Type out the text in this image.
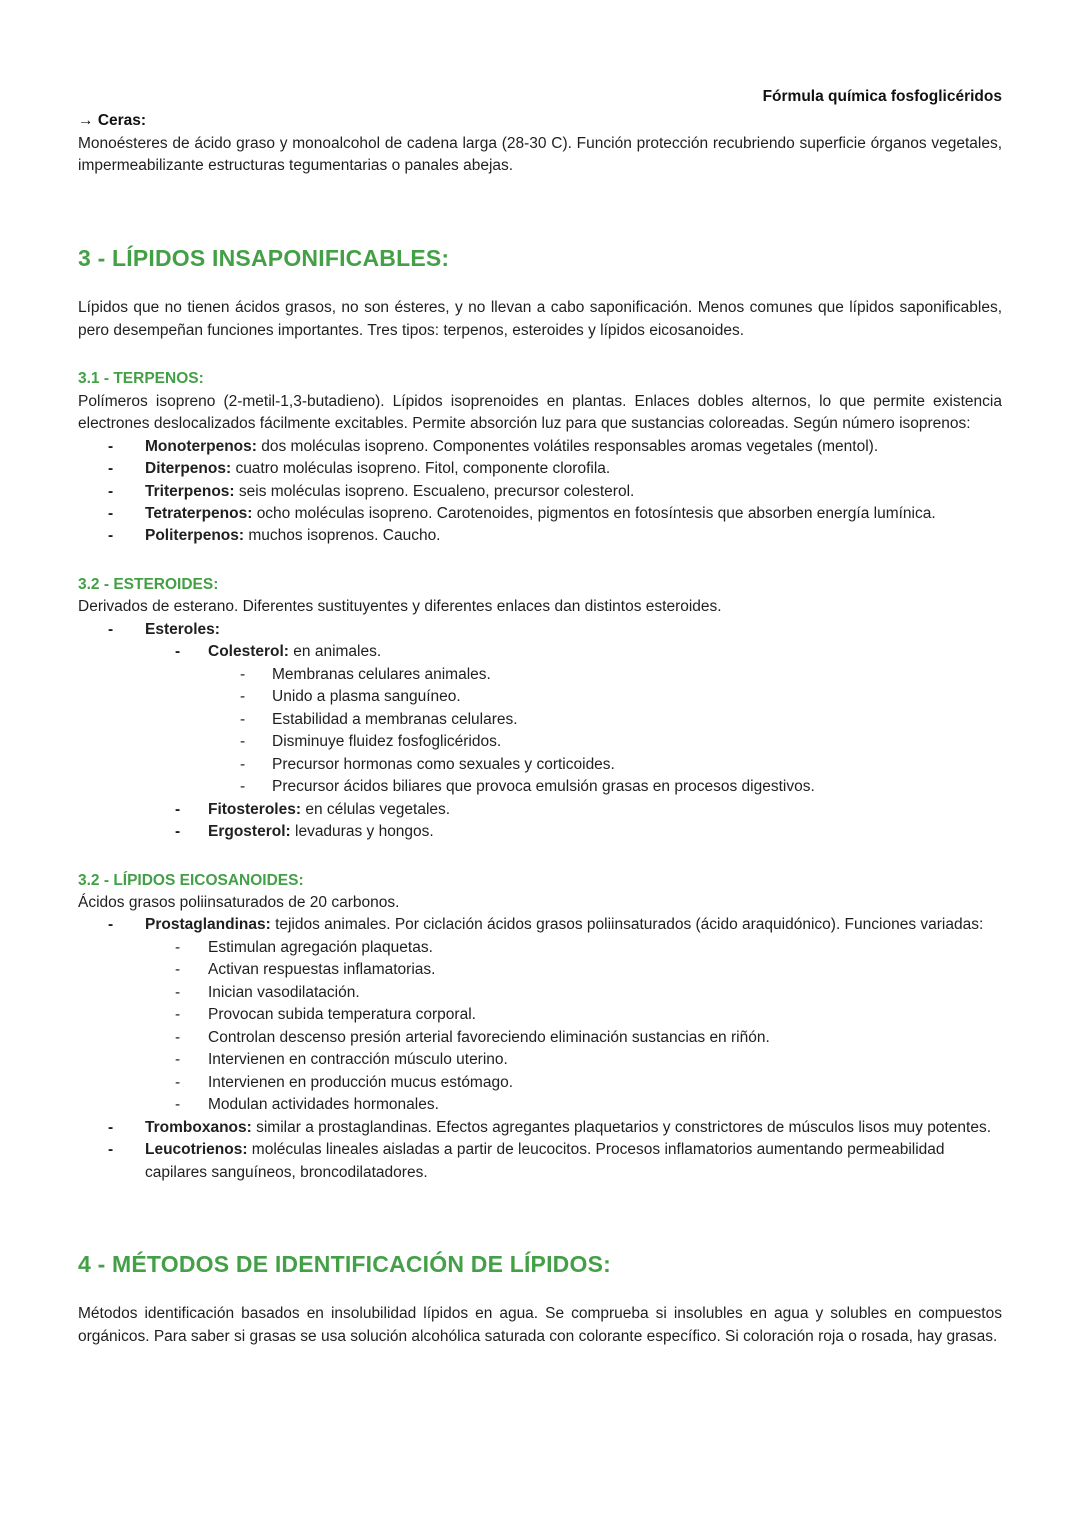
Fórmula química fosfoglicéridos
→ Ceras:

Monoésteres de ácido graso y monoalcohol de cadena larga (28-30 C). Función protección recubriendo superficie órganos vegetales, impermeabilizante estructuras tegumentarias o panales abejas.

3 - LÍPIDOS INSAPONIFICABLES:

Lípidos que no tienen ácidos grasos, no son ésteres, y no llevan a cabo saponificación. Menos comunes que lípidos saponificables, pero desempeñan funciones importantes. Tres tipos: terpenos, esteroides y lípidos eicosanoides.

3.1 - TERPENOS:

Polímeros isopreno (2-metil-1,3-butadieno). Lípidos isoprenoides en plantas. Enlaces dobles alternos, lo que permite existencia electrones deslocalizados fácilmente excitables. Permite absorción luz para que sustancias coloreadas. Según número isoprenos:

-	Monoterpenos: dos moléculas isopreno. Componentes volátiles responsables aromas vegetales (mentol).
-	Diterpenos: cuatro moléculas isopreno. Fitol, componente clorofila.
-	Triterpenos: seis moléculas isopreno. Escualeno, precursor colesterol.
-	Tetraterpenos: ocho moléculas isopreno. Carotenoides, pigmentos en fotosíntesis que absorben energía lumínica.
-	Politerpenos: muchos isoprenos. Caucho.
3.2 - ESTEROIDES:

Derivados de esterano. Diferentes sustituyentes y diferentes enlaces dan distintos esteroides.

-	Esteroles:
-	Colesterol: en animales.
-	Membranas celulares animales.
-	Unido a plasma sanguíneo.
-	Estabilidad a membranas celulares.
-	Disminuye fluidez fosfoglicéridos.
-	Precursor hormonas como sexuales y corticoides.
-	Precursor ácidos biliares que provoca emulsión grasas en procesos digestivos.
-	Fitosteroles: en células vegetales.
-	Ergosterol: levaduras y hongos.
3.2 - LÍPIDOS EICOSANOIDES:

Ácidos grasos poliinsaturados de 20 carbonos.

-	Prostaglandinas: tejidos animales. Por ciclación ácidos grasos poliinsaturados (ácido araquidónico). Funciones variadas:
-	Estimulan agregación plaquetas.
-	Activan respuestas inflamatorias.
-	Inician vasodilatación.
-	Provocan subida temperatura corporal.
-	Controlan descenso presión arterial favoreciendo eliminación sustancias en riñón.
-	Intervienen en contracción músculo uterino.
-	Intervienen en producción mucus estómago.
-	Modulan actividades hormonales.
-	Tromboxanos: similar a prostaglandinas. Efectos agregantes plaquetarios y constrictores de músculos lisos muy potentes.
-	Leucotrienos: moléculas lineales aisladas a partir de leucocitos. Procesos inflamatorios aumentando permeabilidad capilares sanguíneos, broncodilatadores.
4 - MÉTODOS DE IDENTIFICACIÓN DE LÍPIDOS:

Métodos identificación basados en insolubilidad lípidos en agua. Se comprueba si insolubles en agua y solubles en compuestos orgánicos. Para saber si grasas se usa solución alcohólica saturada con colorante específico. Si coloración roja o rosada, hay grasas.
